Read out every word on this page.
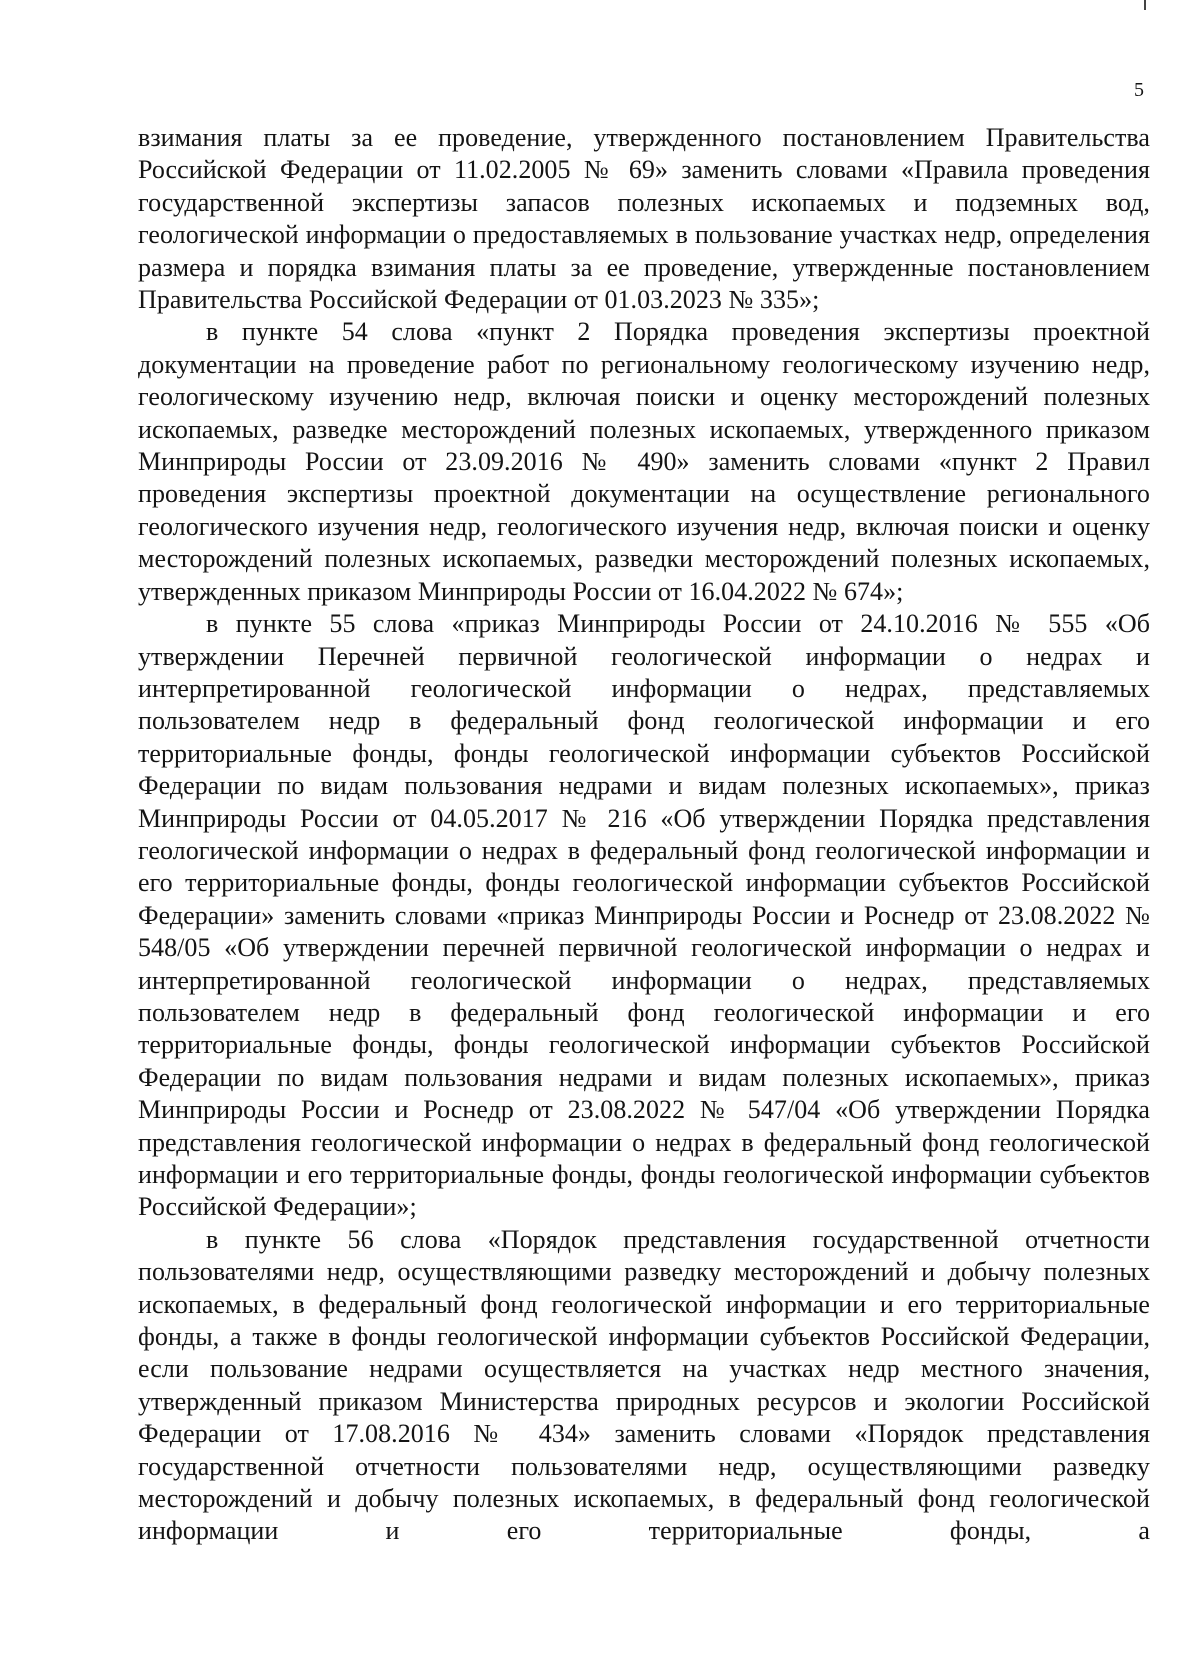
5

взимания платы за ее проведение, утвержденного постановлением Правительства Российской Федерации от 11.02.2005 № 69» заменить словами «Правила проведения государственной экспертизы запасов полезных ископаемых и подземных вод, геологической информации о предоставляемых в пользование участках недр, определения размера и порядка взимания платы за ее проведение, утвержденные постановлением Правительства Российской Федерации от 01.03.2023 № 335»;

в пункте 54 слова «пункт 2 Порядка проведения экспертизы проектной документации на проведение работ по региональному геологическому изучению недр, геологическому изучению недр, включая поиски и оценку месторождений полезных ископаемых, разведке месторождений полезных ископаемых, утвержденного приказом Минприроды России от 23.09.2016 № 490» заменить словами «пункт 2 Правил проведения экспертизы проектной документации на осуществление регионального геологического изучения недр, геологического изучения недр, включая поиски и оценку месторождений полезных ископаемых, разведки месторождений полезных ископаемых, утвержденных приказом Минприроды России от 16.04.2022 № 674»;

в пункте 55 слова «приказ Минприроды России от 24.10.2016 № 555 «Об утверждении Перечней первичной геологической информации о недрах и интерпретированной геологической информации о недрах, представляемых пользователем недр в федеральный фонд геологической информации и его территориальные фонды, фонды геологической информации субъектов Российской Федерации по видам пользования недрами и видам полезных ископаемых», приказ Минприроды России от 04.05.2017 № 216 «Об утверждении Порядка представления геологической информации о недрах в федеральный фонд геологической информации и его территориальные фонды, фонды геологической информации субъектов Российской Федерации» заменить словами «приказ Минприроды России и Роснедр от 23.08.2022 № 548/05 «Об утверждении перечней первичной геологической информации о недрах и интерпретированной геологической информации о недрах, представляемых пользователем недр в федеральный фонд геологической информации и его территориальные фонды, фонды геологической информации субъектов Российской Федерации по видам пользования недрами и видам полезных ископаемых», приказ Минприроды России и Роснедр от 23.08.2022 № 547/04 «Об утверждении Порядка представления геологической информации о недрах в федеральный фонд геологической информации и его территориальные фонды, фонды геологической информации субъектов Российской Федерации»;

в пункте 56 слова «Порядок представления государственной отчетности пользователями недр, осуществляющими разведку месторождений и добычу полезных ископаемых, в федеральный фонд геологической информации и его территориальные фонды, а также в фонды геологической информации субъектов Российской Федерации, если пользование недрами осуществляется на участках недр местного значения, утвержденный приказом Министерства природных ресурсов и экологии Российской Федерации от 17.08.2016 № 434» заменить словами «Порядок представления государственной отчетности пользователями недр, осуществляющими разведку месторождений и добычу полезных ископаемых, в федеральный фонд геологической информации и его территориальные фонды, а
